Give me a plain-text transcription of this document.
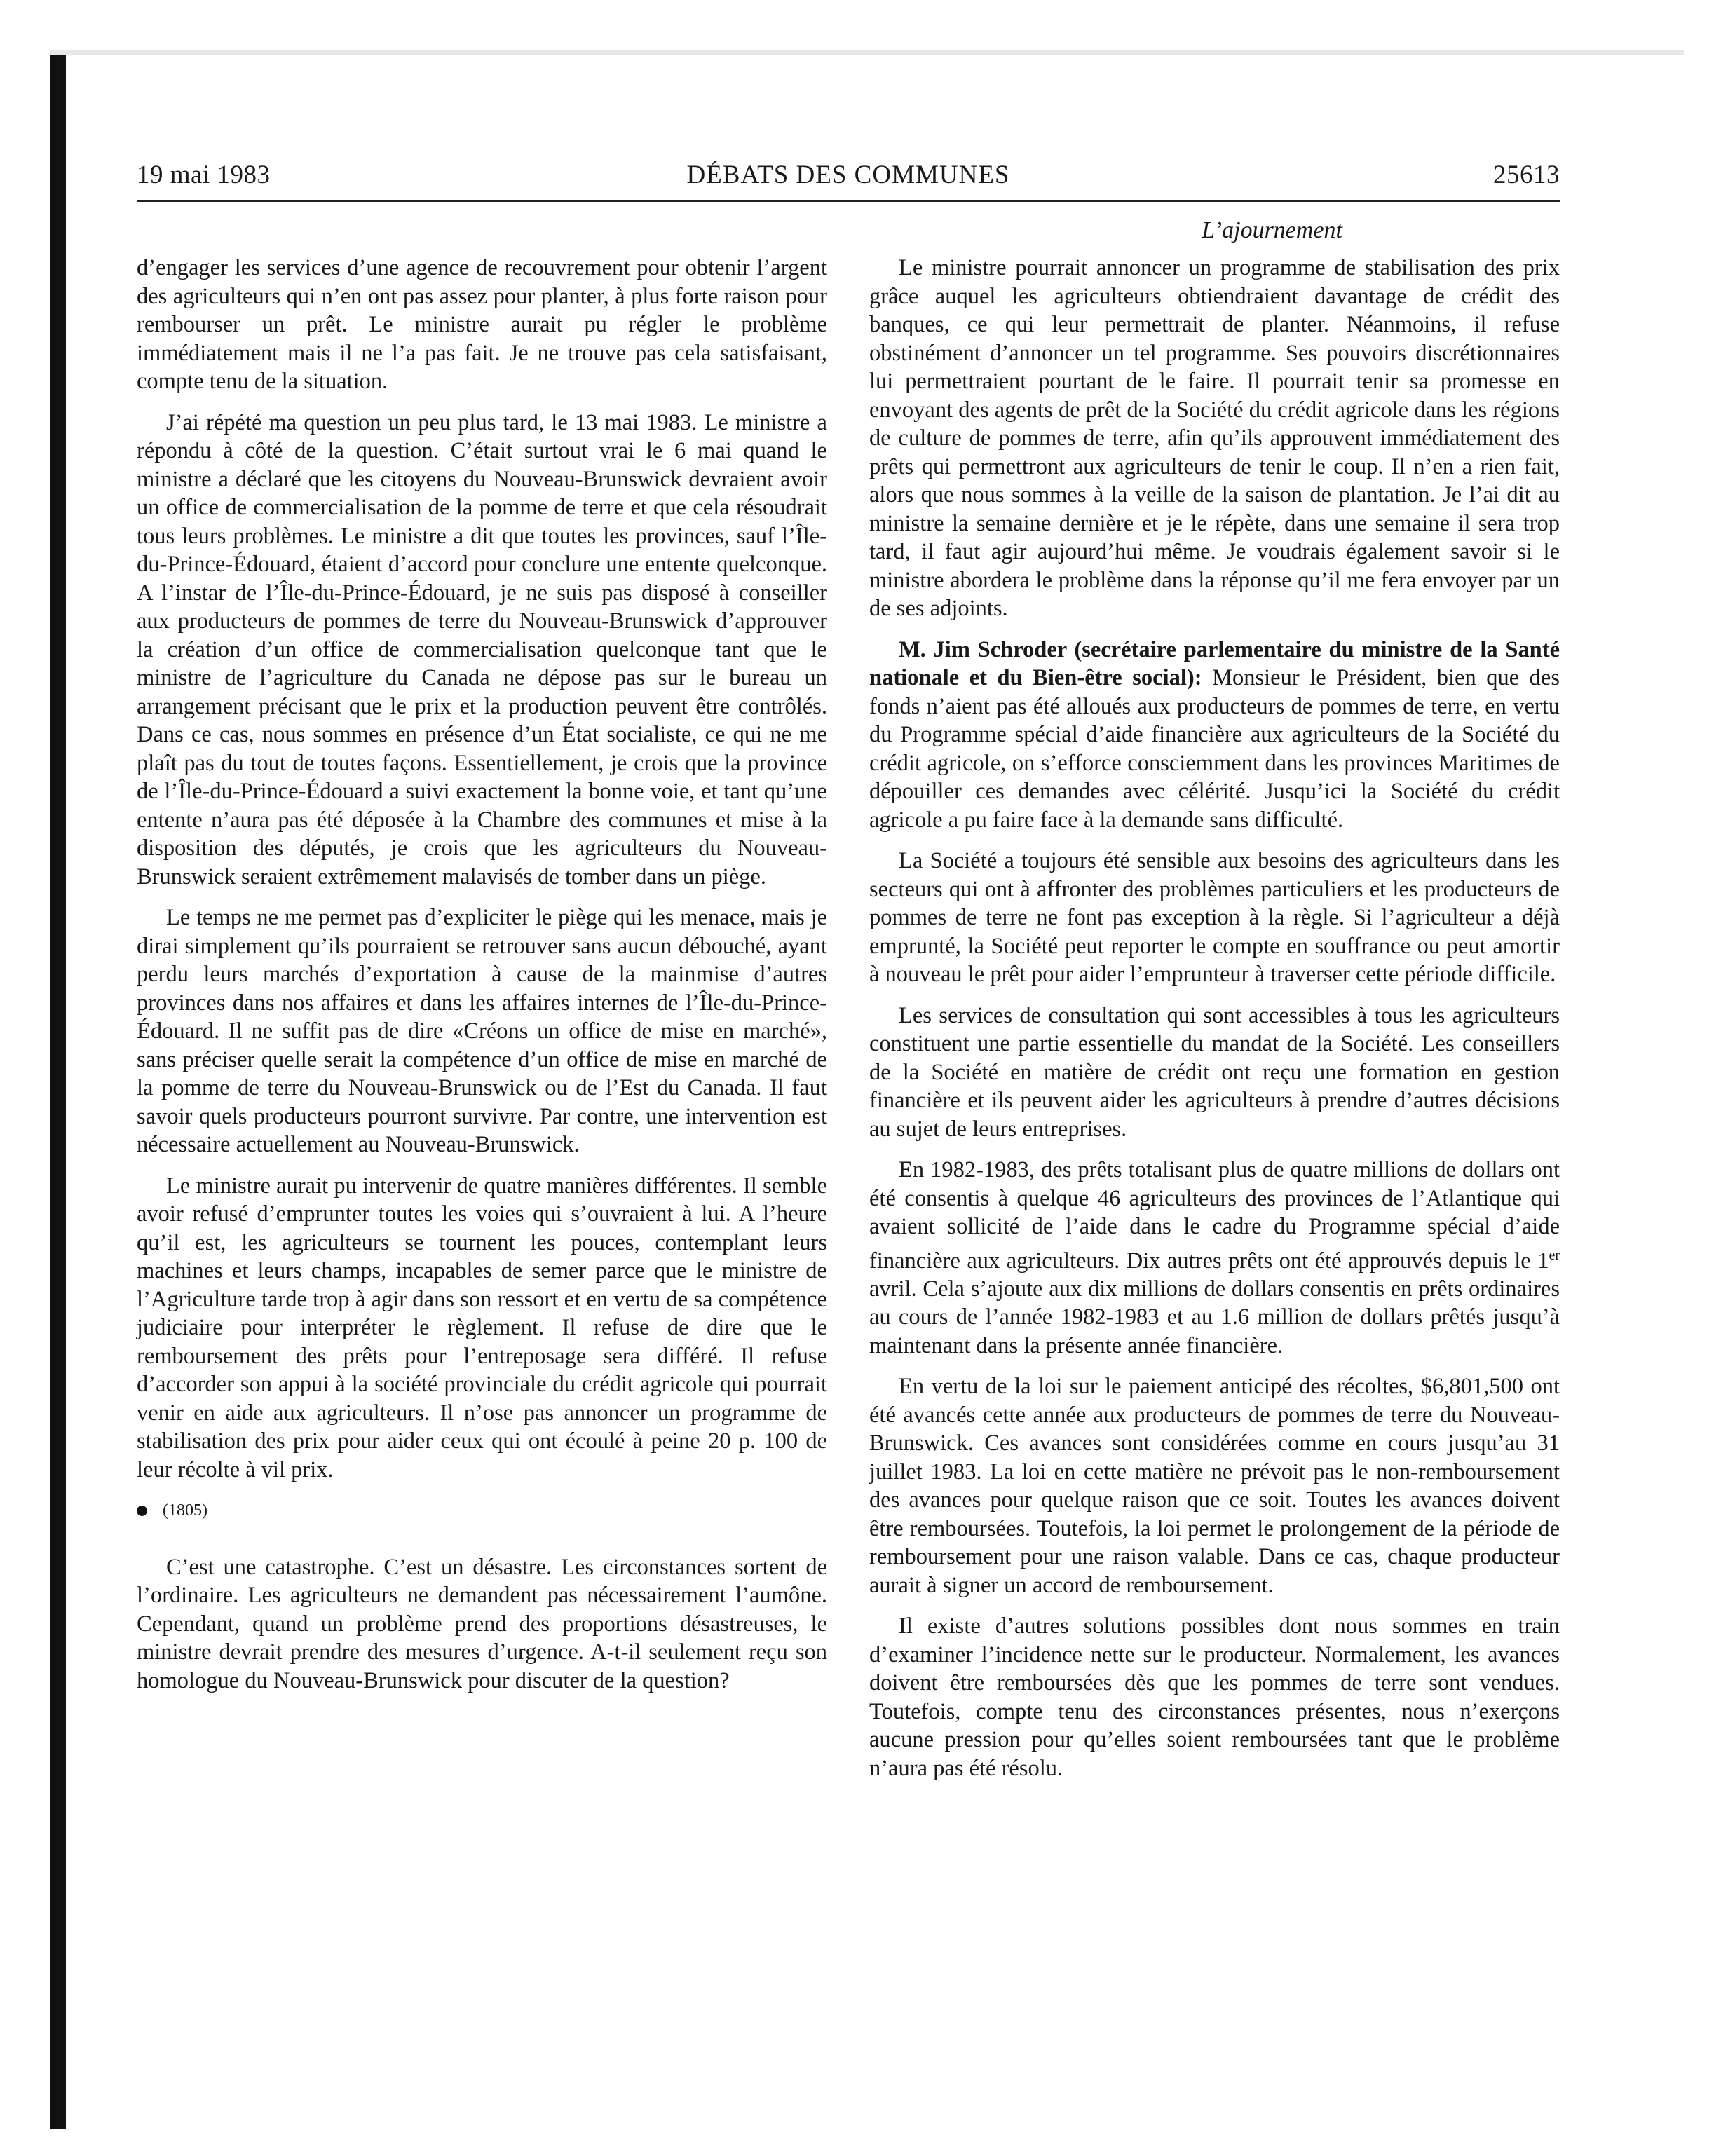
19 mai 1983	DÉBATS DES COMMUNES	25613
L’ajournement

d’engager les services d’une agence de recouvrement pour obtenir l’argent des agriculteurs qui n’en ont pas assez pour planter, à plus forte raison pour rembourser un prêt. Le ministre aurait pu régler le problème immédiatement mais il ne l’a pas fait. Je ne trouve pas cela satisfaisant, compte tenu de la situation.

J’ai répété ma question un peu plus tard, le 13 mai 1983. Le ministre a répondu à côté de la question. C’était surtout vrai le 6 mai quand le ministre a déclaré que les citoyens du Nouveau-Brunswick devraient avoir un office de commercialisation de la pomme de terre et que cela résoudrait tous leurs problèmes. Le ministre a dit que toutes les provinces, sauf l’Île-du-Prince-Édouard, étaient d’accord pour conclure une entente quelconque. A l’instar de l’Île-du-Prince-Édouard, je ne suis pas disposé à conseiller aux producteurs de pommes de terre du Nouveau-Brunswick d’approuver la création d’un office de commercialisation quelconque tant que le ministre de l’agriculture du Canada ne dépose pas sur le bureau un arrangement précisant que le prix et la production peuvent être contrôlés. Dans ce cas, nous sommes en présence d’un État socialiste, ce qui ne me plaît pas du tout de toutes façons. Essentiellement, je crois que la province de l’Île-du-Prince-Édouard a suivi exactement la bonne voie, et tant qu’une entente n’aura pas été déposée à la Chambre des communes et mise à la disposition des députés, je crois que les agriculteurs du Nouveau-Brunswick seraient extrêmement malavisés de tomber dans un piège.

Le temps ne me permet pas d’expliciter le piège qui les menace, mais je dirai simplement qu’ils pourraient se retrouver sans aucun débouché, ayant perdu leurs marchés d’exportation à cause de la mainmise d’autres provinces dans nos affaires et dans les affaires internes de l’Île-du-Prince-Édouard. Il ne suffit pas de dire «Créons un office de mise en marché», sans préciser quelle serait la compétence d’un office de mise en marché de la pomme de terre du Nouveau-Brunswick ou de l’Est du Canada. Il faut savoir quels producteurs pourront survivre. Par contre, une intervention est nécessaire actuellement au Nouveau-Brunswick.

Le ministre aurait pu intervenir de quatre manières différentes. Il semble avoir refusé d’emprunter toutes les voies qui s’ouvraient à lui. A l’heure qu’il est, les agriculteurs se tournent les pouces, contemplant leurs machines et leurs champs, incapables de semer parce que le ministre de l’Agriculture tarde trop à agir dans son ressort et en vertu de sa compétence judiciaire pour interpréter le règlement. Il refuse de dire que le remboursement des prêts pour l’entreposage sera différé. Il refuse d’accorder son appui à la société provinciale du crédit agricole qui pourrait venir en aide aux agriculteurs. Il n’ose pas annoncer un programme de stabilisation des prix pour aider ceux qui ont écoulé à peine 20 p. 100 de leur récolte à vil prix.

(1805)

C’est une catastrophe. C’est un désastre. Les circonstances sortent de l’ordinaire. Les agriculteurs ne demandent pas nécessairement l’aumône. Cependant, quand un problème prend des proportions désastreuses, le ministre devrait prendre des mesures d’urgence. A-t-il seulement reçu son homologue du Nouveau-Brunswick pour discuter de la question?

Le ministre pourrait annoncer un programme de stabilisation des prix grâce auquel les agriculteurs obtiendraient davantage de crédit des banques, ce qui leur permettrait de planter. Néanmoins, il refuse obstinément d’annoncer un tel programme. Ses pouvoirs discrétionnaires lui permettraient pourtant de le faire. Il pourrait tenir sa promesse en envoyant des agents de prêt de la Société du crédit agricole dans les régions de culture de pommes de terre, afin qu’ils approuvent immédiatement des prêts qui permettront aux agriculteurs de tenir le coup. Il n’en a rien fait, alors que nous sommes à la veille de la saison de plantation. Je l’ai dit au ministre la semaine dernière et je le répète, dans une semaine il sera trop tard, il faut agir aujourd’hui même. Je voudrais également savoir si le ministre abordera le problème dans la réponse qu’il me fera envoyer par un de ses adjoints.

M. Jim Schroder (secrétaire parlementaire du ministre de la Santé nationale et du Bien-être social): Monsieur le Président, bien que des fonds n’aient pas été alloués aux producteurs de pommes de terre, en vertu du Programme spécial d’aide financière aux agriculteurs de la Société du crédit agricole, on s’efforce consciemment dans les provinces Maritimes de dépouiller ces demandes avec célérité. Jusqu’ici la Société du crédit agricole a pu faire face à la demande sans difficulté.

La Société a toujours été sensible aux besoins des agriculteurs dans les secteurs qui ont à affronter des problèmes particuliers et les producteurs de pommes de terre ne font pas exception à la règle. Si l’agriculteur a déjà emprunté, la Société peut reporter le compte en souffrance ou peut amortir à nouveau le prêt pour aider l’emprunteur à traverser cette période difficile.

Les services de consultation qui sont accessibles à tous les agriculteurs constituent une partie essentielle du mandat de la Société. Les conseillers de la Société en matière de crédit ont reçu une formation en gestion financière et ils peuvent aider les agriculteurs à prendre d’autres décisions au sujet de leurs entreprises.

En 1982-1983, des prêts totalisant plus de quatre millions de dollars ont été consentis à quelque 46 agriculteurs des provinces de l’Atlantique qui avaient sollicité de l’aide dans le cadre du Programme spécial d’aide financière aux agriculteurs. Dix autres prêts ont été approuvés depuis le 1er avril. Cela s’ajoute aux dix millions de dollars consentis en prêts ordinaires au cours de l’année 1982-1983 et au 1.6 million de dollars prêtés jusqu’à maintenant dans la présente année financière.

En vertu de la loi sur le paiement anticipé des récoltes, $6,801,500 ont été avancés cette année aux producteurs de pommes de terre du Nouveau-Brunswick. Ces avances sont considérées comme en cours jusqu’au 31 juillet 1983. La loi en cette matière ne prévoit pas le non-remboursement des avances pour quelque raison que ce soit. Toutes les avances doivent être remboursées. Toutefois, la loi permet le prolongement de la période de remboursement pour une raison valable. Dans ce cas, chaque producteur aurait à signer un accord de remboursement.

Il existe d’autres solutions possibles dont nous sommes en train d’examiner l’incidence nette sur le producteur. Normalement, les avances doivent être remboursées dès que les pommes de terre sont vendues. Toutefois, compte tenu des circonstances présentes, nous n’exerçons aucune pression pour qu’elles soient remboursées tant que le problème n’aura pas été résolu.
